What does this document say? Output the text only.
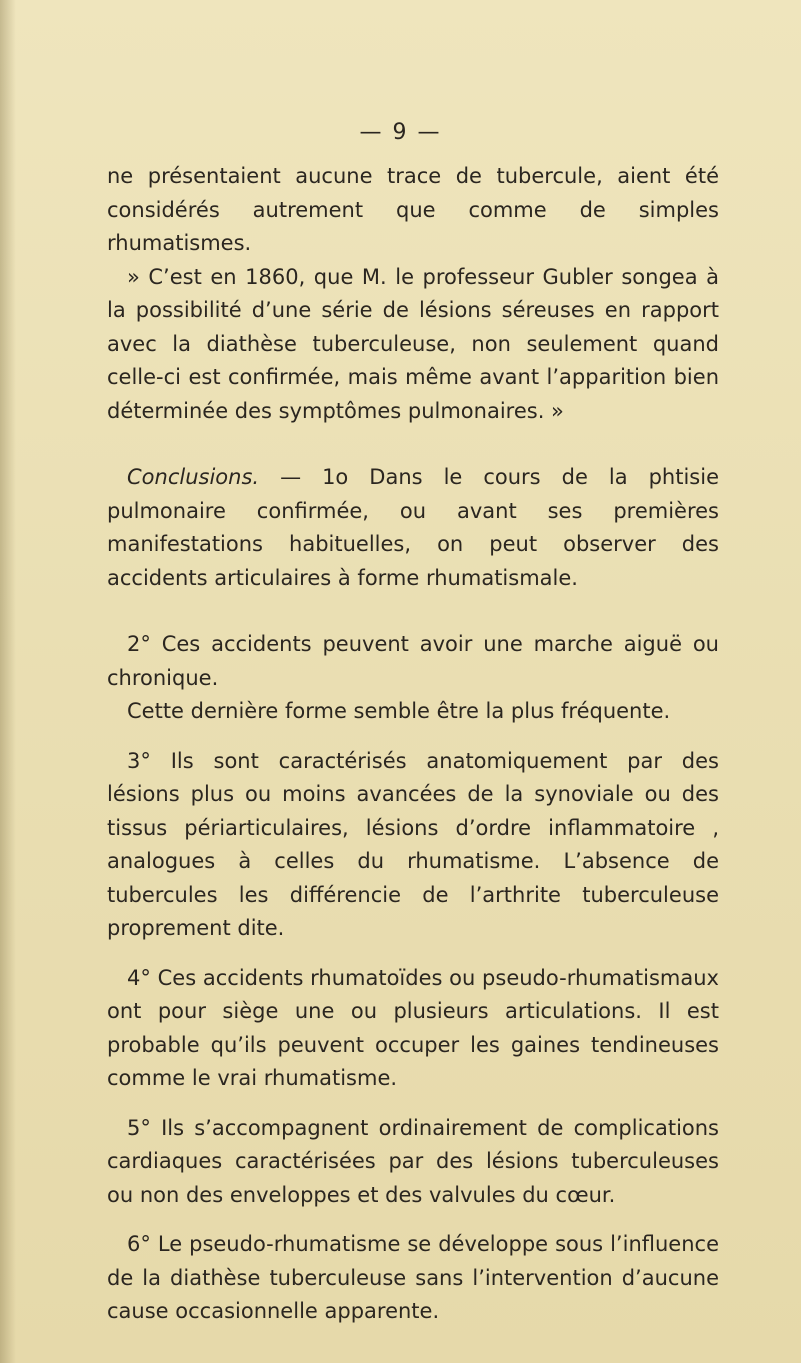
— 9 —

ne présentaient aucune trace de tubercule, aient été considérés autrement que comme de simples rhumatismes.

» C’est en 1860, que M. le professeur Gubler songea à la possibilité d’une série de lésions séreuses en rapport avec la diathèse tuberculeuse, non seulement quand celle-ci est confirmée, mais même avant l’apparition bien déterminée des symptômes pulmonaires. »

Conclusions. — 1o Dans le cours de la phtisie pulmonaire confirmée, ou avant ses premières manifestations habituelles, on peut observer des accidents articulaires à forme rhumatismale.

2° Ces accidents peuvent avoir une marche aiguë ou chronique.

Cette dernière forme semble être la plus fréquente.

3° Ils sont caractérisés anatomiquement par des lésions plus ou moins avancées de la synoviale ou des tissus périarticulaires, lésions d’ordre inflammatoire , analogues à celles du rhumatisme. L’absence de tubercules les différencie de l’arthrite tuberculeuse proprement dite.

4° Ces accidents rhumatoïdes ou pseudo-rhumatismaux ont pour siège une ou plusieurs articulations. Il est probable qu’ils peuvent occuper les gaines tendineuses comme le vrai rhumatisme.

5° Ils s’accompagnent ordinairement de complications cardiaques caractérisées par des lésions tuberculeuses ou non des enveloppes et des valvules du cœur.

6° Le pseudo-rhumatisme se développe sous l’influence de la diathèse tuberculeuse sans l’intervention d’aucune cause occasionnelle apparente.
